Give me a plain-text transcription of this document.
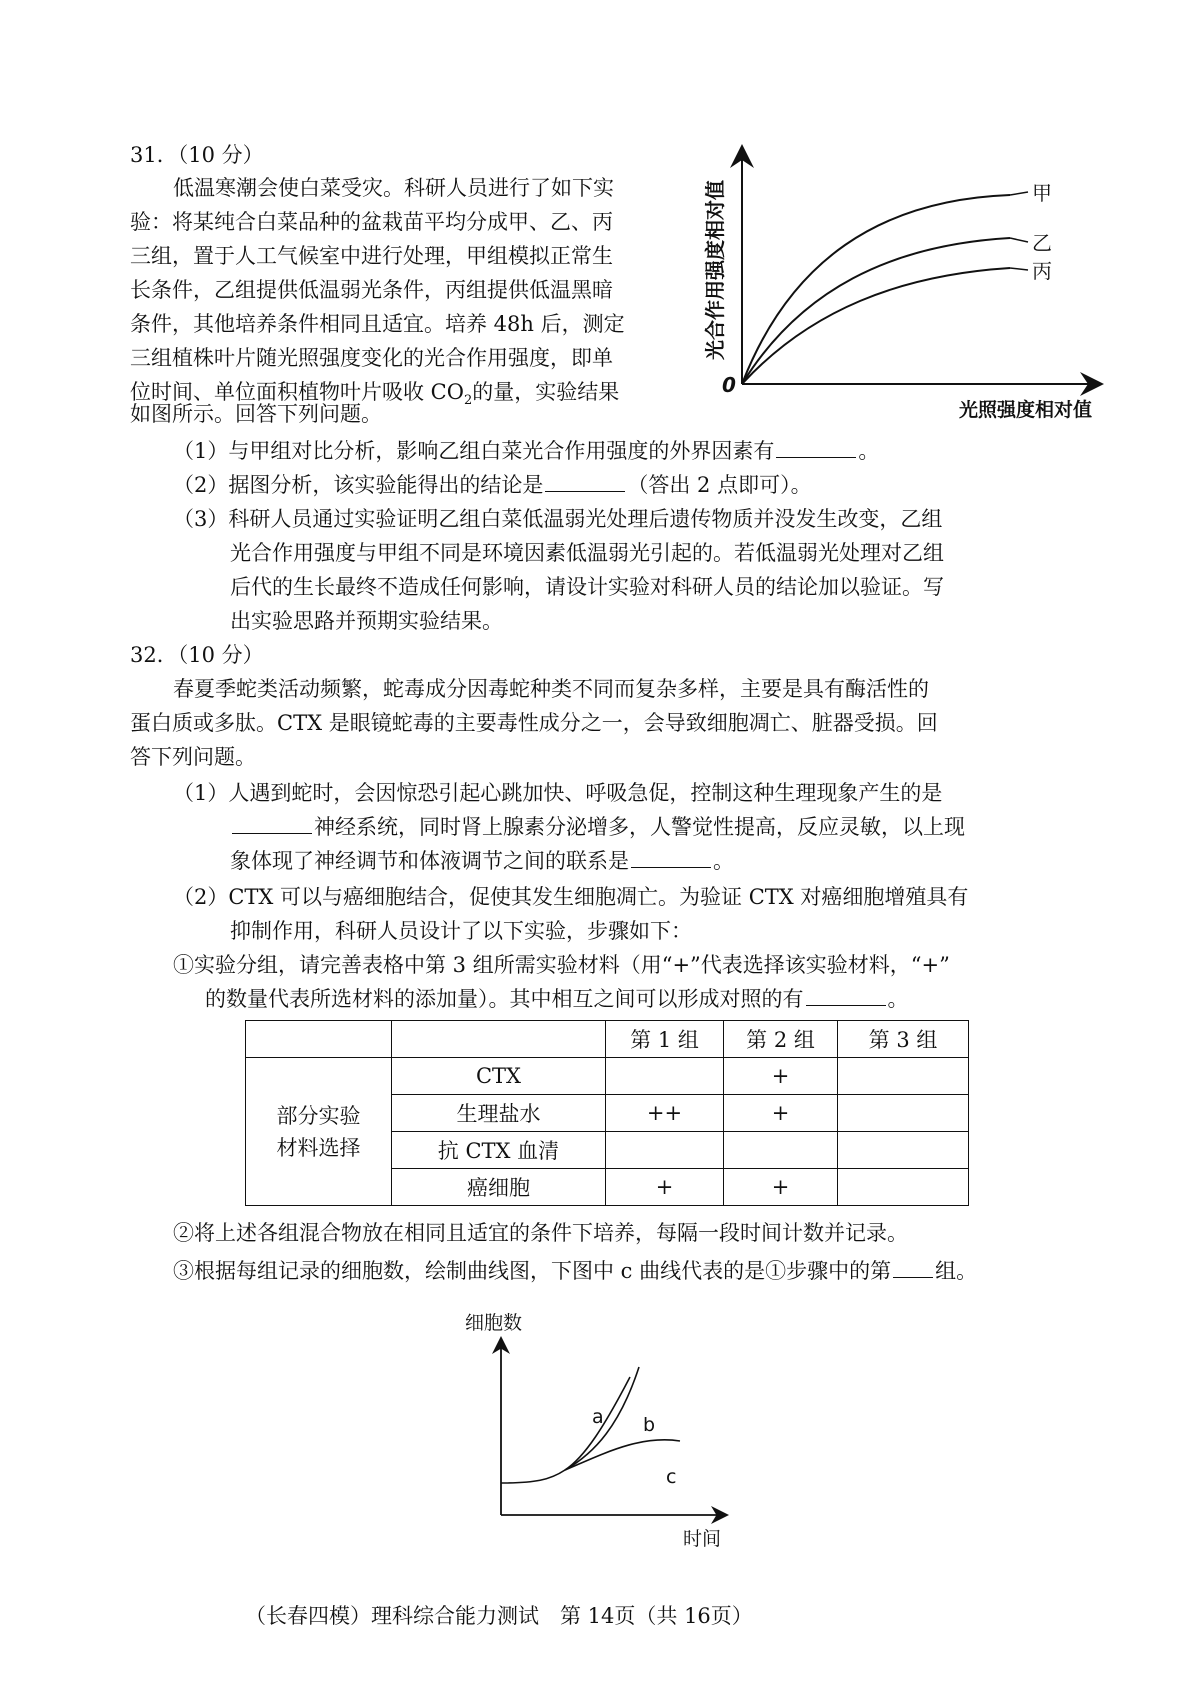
31．（10 分）
低温寒潮会使白菜受灾。科研人员进行了如下实
验：将某纯合白菜品种的盆栽苗平均分成甲、乙、丙
三组，置于人工气候室中进行处理，甲组模拟正常生
长条件，乙组提供低温弱光条件，丙组提供低温黑暗
条件，其他培养条件相同且适宜。培养 48h 后，测定
三组植株叶片随光照强度变化的光合作用强度，即单
位时间、单位面积植物叶片吸收 $CO_2$的量，实验结果
如图所示。回答下列问题。
（1）与甲组对比分析，影响乙组白菜光合作用强度的外界因素有	。
（2）据图分析，该实验能得出的结论是	（答出 2 点即可）。
（3）科研人员通过实验证明乙组白菜低温弱光处理后遗传物质并没发生改变，乙组
光合作用强度与甲组不同是环境因素低温弱光引起的。若低温弱光处理对乙组
后代的生长最终不造成任何影响，请设计实验对科研人员的结论加以验证。写
出实验思路并预期实验结果。
光合作用强度相对值
光照强度相对值
0
甲
乙
丙
32．（10 分）
春夏季蛇类活动频繁，蛇毒成分因毒蛇种类不同而复杂多样，主要是具有酶活性的
蛋白质或多肽。CTX 是眼镜蛇毒的主要毒性成分之一，会导致细胞凋亡、脏器受损。回
答下列问题。
（1）人遇到蛇时，会因惊恐引起心跳加快、呼吸急促，控制这种生理现象产生的是
神经系统，同时肾上腺素分泌增多，人警觉性提高，反应灵敏，以上现
象体现了神经调节和体液调节之间的联系是	。
（2）CTX 可以与癌细胞结合，促使其发生细胞凋亡。为验证 CTX 对癌细胞增殖具有
抑制作用，科研人员设计了以下实验，步骤如下：
①实验分组，请完善表格中第 3 组所需实验材料（用“+”代表选择该实验材料，“+”
的数量代表所选材料的添加量）。其中相互之间可以形成对照的有	。
		第 1 组	第 2 组	第 3 组

部分实验
材料选择	CTX		+	
	生理盐水	++	+	
	抗 CTX 血清			
	癌细胞	+	+	
②将上述各组混合物放在相同且适宜的条件下培养，每隔一段时间计数并记录。
③根据每组记录的细胞数，绘制曲线图，下图中 c 曲线代表的是①步骤中的第 组。
细胞数
时间
a b
c
（长春四模）理科综合能力测试　第 14页（共 16页）
